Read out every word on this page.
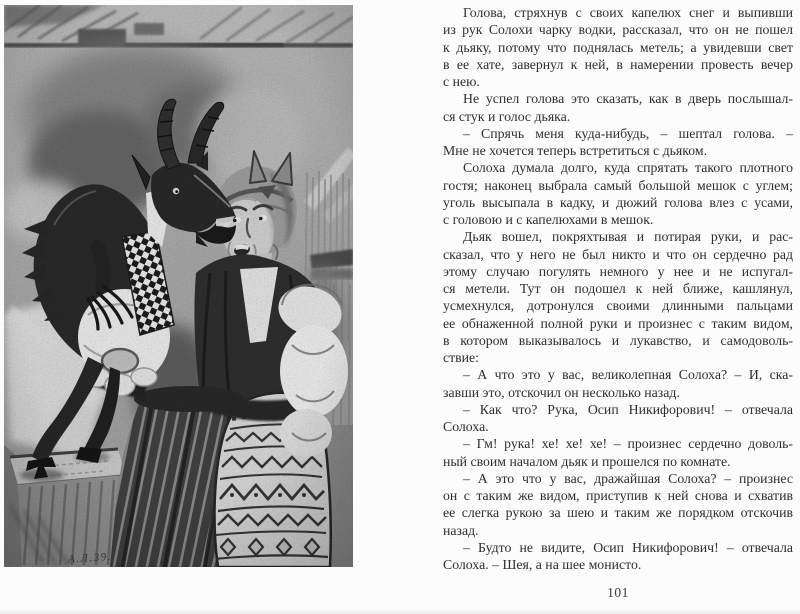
Голова, стряхнув с своих капелюх снег и выпивши
из рук Солохи чарку водки, рассказал, что он не пошел
к дьяку, потому что поднялась метель; а увидевши свет
в ее хате, завернул к ней, в намерении провесть вечер
с нею.
Не успел голова это сказать, как в дверь послышал-
ся стук и голос дьяка.
– Спрячь меня куда-нибудь, – шептал голова. –
Мне не хочется теперь встретиться с дьяком.
Солоха думала долго, куда спрятать такого плотного
гостя; наконец выбрала самый большой мешок с углем;
уголь высыпала в кадку, и дюжий голова влез с усами,
с головою и с капелюхами в мешок.
Дьяк вошел, покряхтывая и потирая руки, и рас-
сказал, что у него не был никто и что он сердечно рад
этому случаю погулять немного у нее и не испугал-
ся метели. Тут он подошел к ней ближе, кашлянул,
усмехнулся, дотронулся своими длинными пальцами
ее обнаженной полной руки и произнес с таким видом,
в котором выказывалось и лукавство, и самодоволь-
ствие:
– А что это у вас, великолепная Солоха? – И, ска-
завши это, отскочил он несколько назад.
– Как что? Рука, Осип Никифорович! – отвечала
Солоха.
– Гм! рука! хе! хе! хе! – произнес сердечно доволь-
ный своим началом дьяк и прошелся по комнате.
– А это что у вас, дражайшая Солоха? – произнес
он с таким же видом, приступив к ней снова и схватив
ее слегка рукою за шею и таким же порядком отскочив
назад.
– Будто не видите, Осип Никифорович! – отвечала
Солоха. – Шея, а на шее монисто.
101
